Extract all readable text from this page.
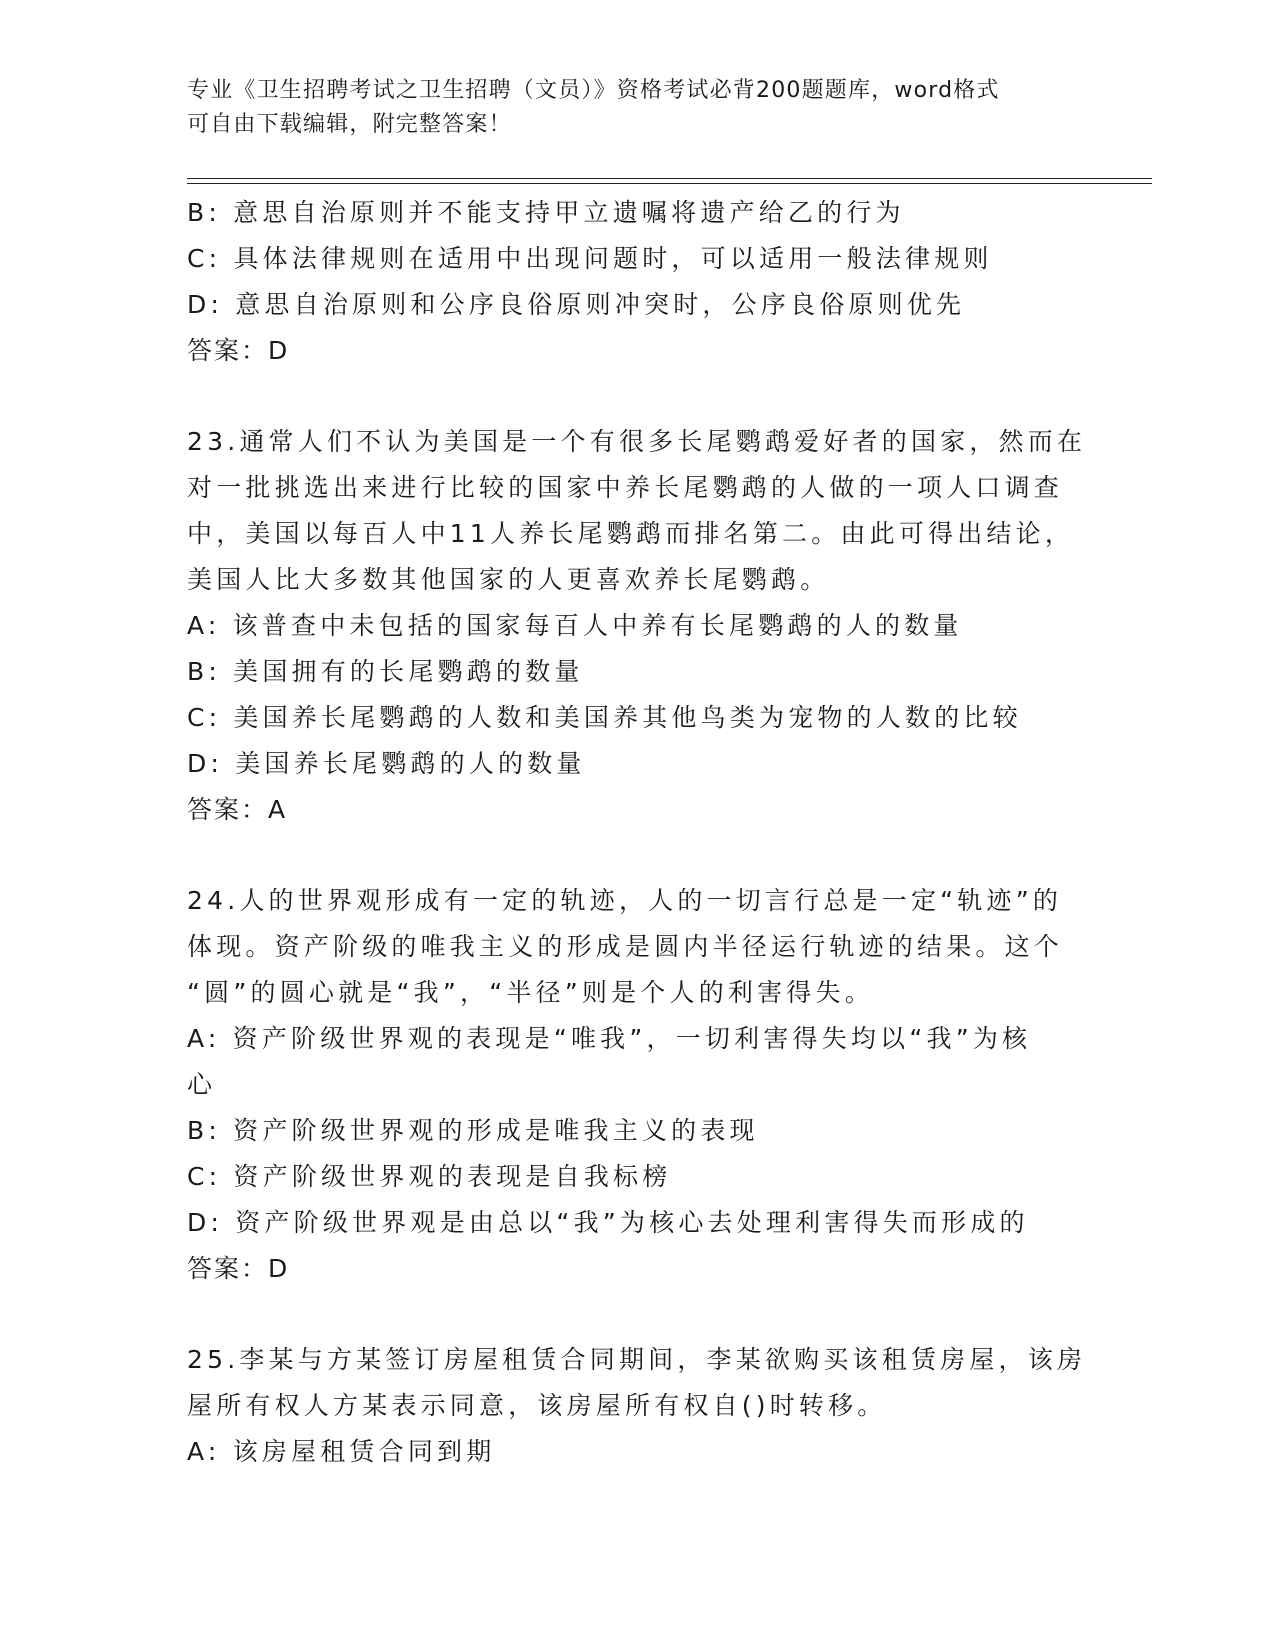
专业《卫生招聘考试之卫生招聘（文员）》资格考试必背200题题库，word格式
可自由下载编辑，附完整答案！
B: 意思自治原则并不能支持甲立遗嘱将遗产给乙的行为
C: 具体法律规则在适用中出现问题时，可以适用一般法律规则
D: 意思自治原则和公序良俗原则冲突时，公序良俗原则优先
答案：D
23.通常人们不认为美国是一个有很多长尾鹦鹉爱好者的国家，然而在
对一批挑选出来进行比较的国家中养长尾鹦鹉的人做的一项人口调查
中，美国以每百人中11人养长尾鹦鹉而排名第二。由此可得出结论，
美国人比大多数其他国家的人更喜欢养长尾鹦鹉。
A: 该普查中未包括的国家每百人中养有长尾鹦鹉的人的数量
B: 美国拥有的长尾鹦鹉的数量
C: 美国养长尾鹦鹉的人数和美国养其他鸟类为宠物的人数的比较
D: 美国养长尾鹦鹉的人的数量
答案：A
24.人的世界观形成有一定的轨迹，人的一切言行总是一定“轨迹”的
体现。资产阶级的唯我主义的形成是圆内半径运行轨迹的结果。这个
“圆”的圆心就是“我”，“半径”则是个人的利害得失。
A: 资产阶级世界观的表现是“唯我”，一切利害得失均以“我”为核
心
B: 资产阶级世界观的形成是唯我主义的表现
C: 资产阶级世界观的表现是自我标榜
D: 资产阶级世界观是由总以“我”为核心去处理利害得失而形成的
答案：D
25.李某与方某签订房屋租赁合同期间，李某欲购买该租赁房屋，该房
屋所有权人方某表示同意，该房屋所有权自()时转移。
A: 该房屋租赁合同到期
